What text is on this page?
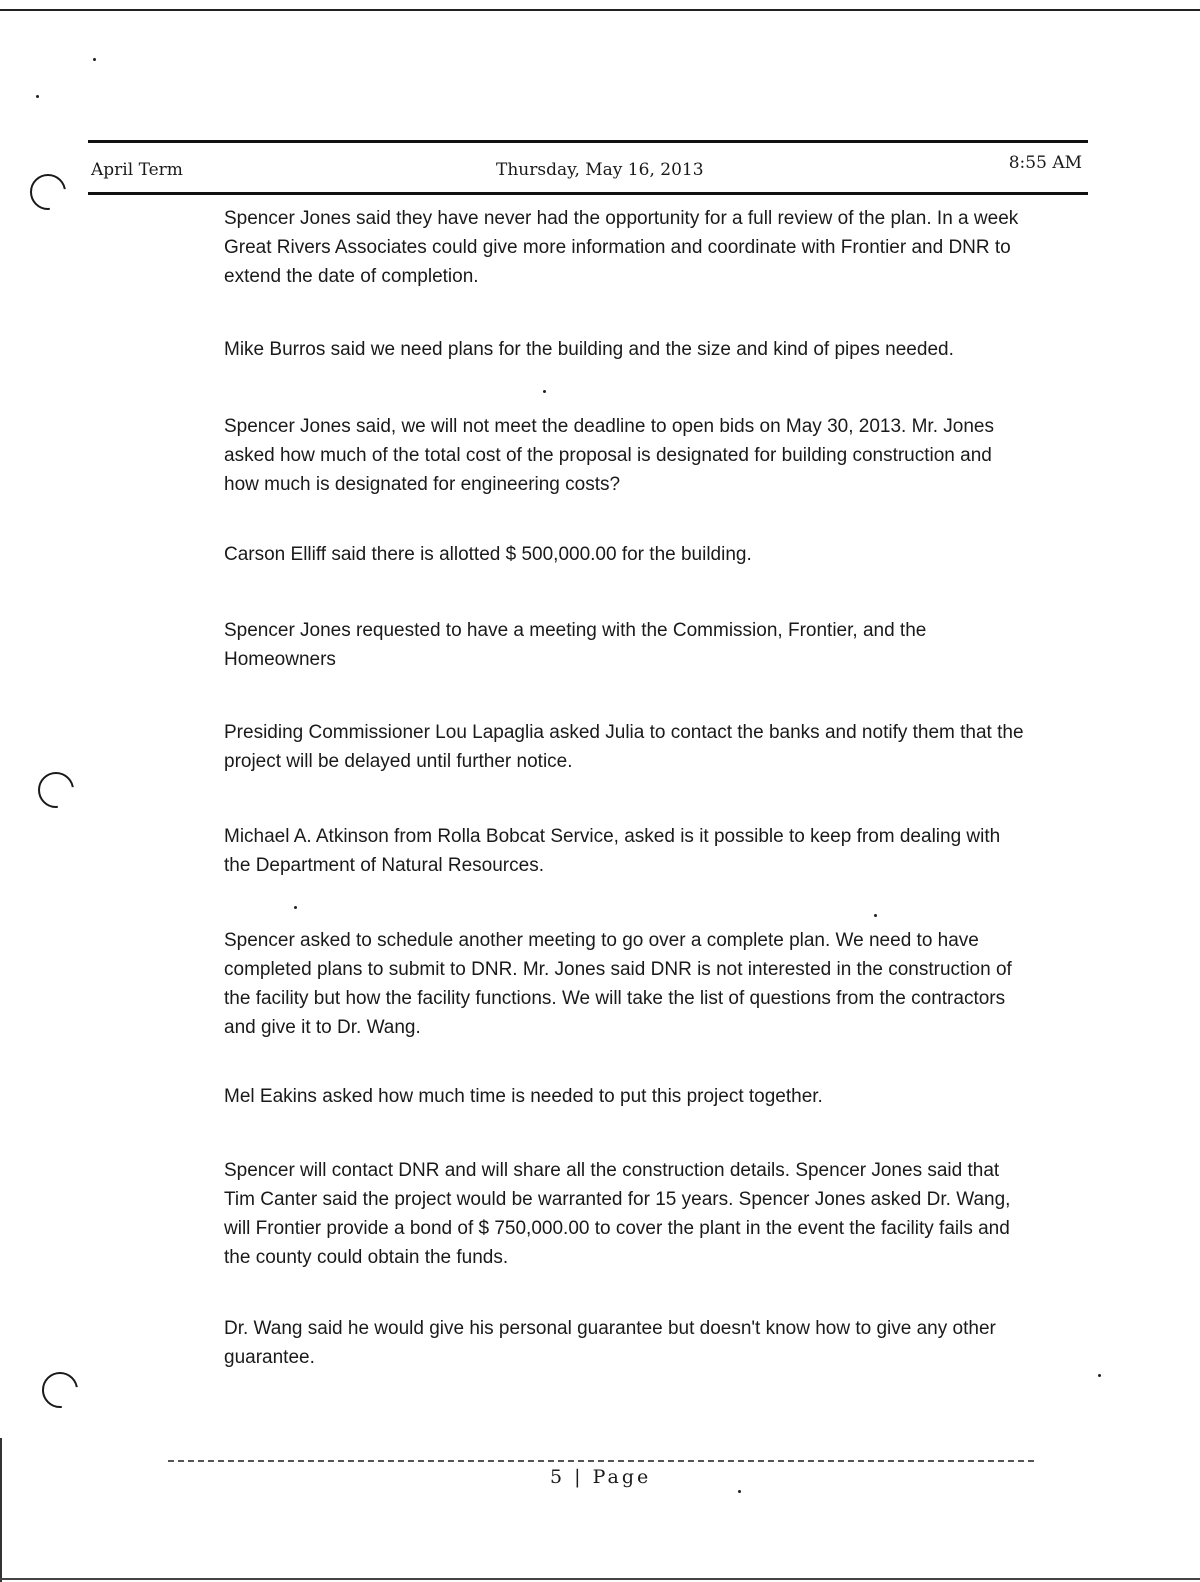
April Term	Thursday, May 16, 2013	8:55 AM

Spencer Jones said they have never had the opportunity for a full review of the plan. In a week Great Rivers Associates could give more information and coordinate with Frontier and DNR to extend the date of completion.

Mike Burros said we need plans for the building and the size and kind of pipes needed.

Spencer Jones said, we will not meet the deadline to open bids on May 30, 2013. Mr. Jones asked how much of the total cost of the proposal is designated for building construction and how much is designated for engineering costs?

Carson Elliff said there is allotted $ 500,000.00 for the building.

Spencer Jones requested to have a meeting with the Commission, Frontier, and the Homeowners

Presiding Commissioner Lou Lapaglia asked Julia to contact the banks and notify them that the project will be delayed until further notice.

Michael A. Atkinson from Rolla Bobcat Service, asked is it possible to keep from dealing with the Department of Natural Resources.

Spencer asked to schedule another meeting to go over a complete plan. We need to have completed plans to submit to DNR. Mr. Jones said DNR is not interested in the construction of the facility but how the facility functions. We will take the list of questions from the contractors and give it to Dr. Wang.

Mel Eakins asked how much time is needed to put this project together.

Spencer will contact DNR and will share all the construction details. Spencer Jones said that Tim Canter said the project would be warranted for 15 years. Spencer Jones asked Dr. Wang, will Frontier provide a bond of $ 750,000.00 to cover the plant in the event the facility fails and the county could obtain the funds.

Dr. Wang said he would give his personal guarantee but doesn't know how to give any other guarantee.

5 | Page
